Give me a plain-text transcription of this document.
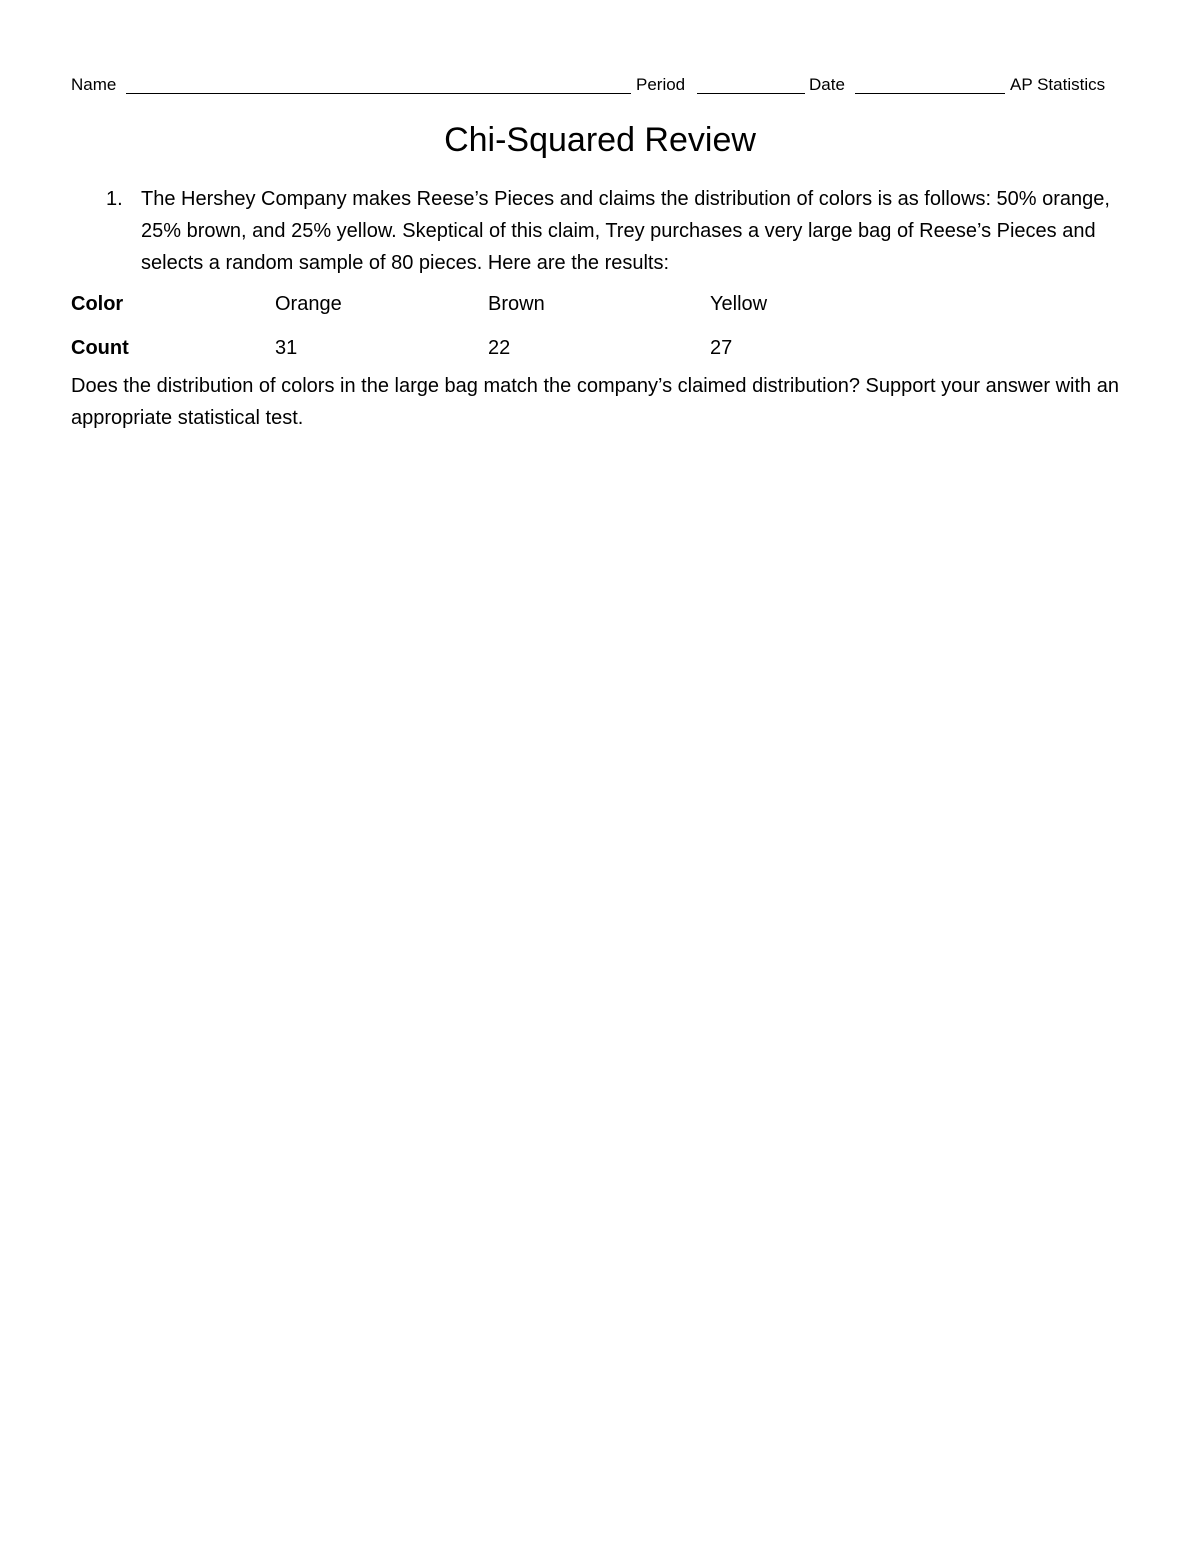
Name	Period	Date	AP Statistics
Chi-Squared Review
1. The Hershey Company makes Reese’s Pieces and claims the distribution of colors is as follows: 50% orange, 25% brown, and 25% yellow. Skeptical of this claim, Trey purchases a very large bag of Reese’s Pieces and selects a random sample of 80 pieces. Here are the results:
Color	Orange	Brown	Yellow
Count	31	22	27
Does the distribution of colors in the large bag match the company’s claimed distribution? Support your answer with an appropriate statistical test.
